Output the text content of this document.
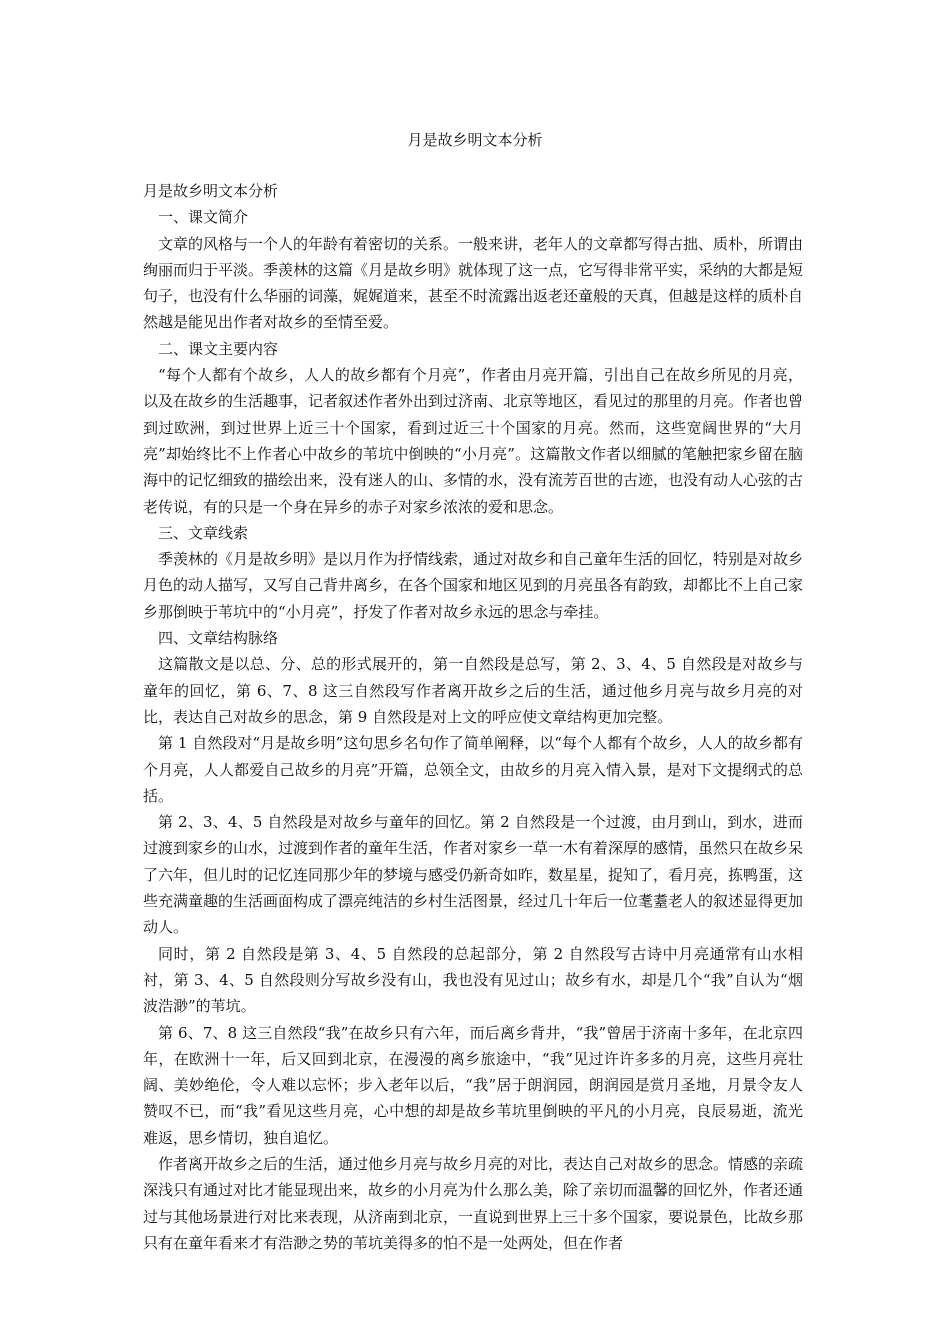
月是故乡明文本分析

月是故乡明文本分析

一、课文简介

文章的风格与一个人的年龄有着密切的关系。一般来讲，老年人的文章都写得古拙、质朴，所谓由绚丽而归于平淡。季羡林的这篇《月是故乡明》就体现了这一点，它写得非常平实，采纳的大都是短句子，也没有什么华丽的词藻，娓娓道来，甚至不时流露出返老还童般的天真，但越是这样的质朴自然越是能见出作者对故乡的至情至爱。

二、课文主要内容

“每个人都有个故乡，人人的故乡都有个月亮”，作者由月亮开篇，引出自己在故乡所见的月亮，以及在故乡的生活趣事，记者叙述作者外出到过济南、北京等地区，看见过的那里的月亮。作者也曾到过欧洲，到过世界上近三十个国家，看到过近三十个国家的月亮。然而，这些宽阔世界的“大月亮”却始终比不上作者心中故乡的苇坑中倒映的“小月亮”。这篇散文作者以细腻的笔触把家乡留在脑海中的记忆细致的描绘出来，没有迷人的山、多情的水，没有流芳百世的古迹，也没有动人心弦的古老传说，有的只是一个身在异乡的赤子对家乡浓浓的爱和思念。

三、文章线索

季羡林的《月是故乡明》是以月作为抒情线索，通过对故乡和自己童年生活的回忆，特别是对故乡月色的动人描写，又写自己背井离乡，在各个国家和地区见到的月亮虽各有韵致，却都比不上自己家乡那倒映于苇坑中的“小月亮”，抒发了作者对故乡永远的思念与牵挂。

四、文章结构脉络

这篇散文是以总、分、总的形式展开的，第一自然段是总写，第 2、3、4、5 自然段是对故乡与童年的回忆，第 6、7、8 这三自然段写作者离开故乡之后的生活，通过他乡月亮与故乡月亮的对比，表达自己对故乡的思念，第 9 自然段是对上文的呼应使文章结构更加完整。

第 1 自然段对“月是故乡明”这句思乡名句作了简单阐释，以“每个人都有个故乡，人人的故乡都有个月亮，人人都爱自己故乡的月亮”开篇，总领全文，由故乡的月亮入情入景，是对下文提纲式的总括。

第 2、3、4、5 自然段是对故乡与童年的回忆。第 2 自然段是一个过渡，由月到山，到水，进而过渡到家乡的山水，过渡到作者的童年生活，作者对家乡一草一木有着深厚的感情，虽然只在故乡呆了六年，但儿时的记忆连同那少年的梦境与感受仍新奇如昨，数星星，捉知了，看月亮，拣鸭蛋，这些充满童趣的生活画面构成了漂亮纯洁的乡村生活图景，经过几十年后一位耄耋老人的叙述显得更加动人。

同时，第 2 自然段是第 3、4、5 自然段的总起部分，第 2 自然段写古诗中月亮通常有山水相衬，第 3、4、5 自然段则分写故乡没有山，我也没有见过山；故乡有水，却是几个“我”自认为“烟波浩渺”的苇坑。

第 6、7、8 这三自然段“我”在故乡只有六年，而后离乡背井，“我”曾居于济南十多年，在北京四年，在欧洲十一年，后又回到北京，在漫漫的离乡旅途中，“我”见过许许多多的月亮，这些月亮壮阔、美妙绝伦，令人难以忘怀；步入老年以后，“我”居于朗润园，朗润园是赏月圣地，月景令友人赞叹不已，而“我”看见这些月亮，心中想的却是故乡苇坑里倒映的平凡的小月亮，良辰易逝，流光难返，思乡情切，独自追忆。

作者离开故乡之后的生活，通过他乡月亮与故乡月亮的对比，表达自己对故乡的思念。情感的亲疏深浅只有通过对比才能显现出来，故乡的小月亮为什么那么美，除了亲切而温馨的回忆外，作者还通过与其他场景进行对比来表现，从济南到北京，一直说到世界上三十多个国家，要说景色，比故乡那只有在童年看来才有浩渺之势的苇坑美得多的怕不是一处两处，但在作者
